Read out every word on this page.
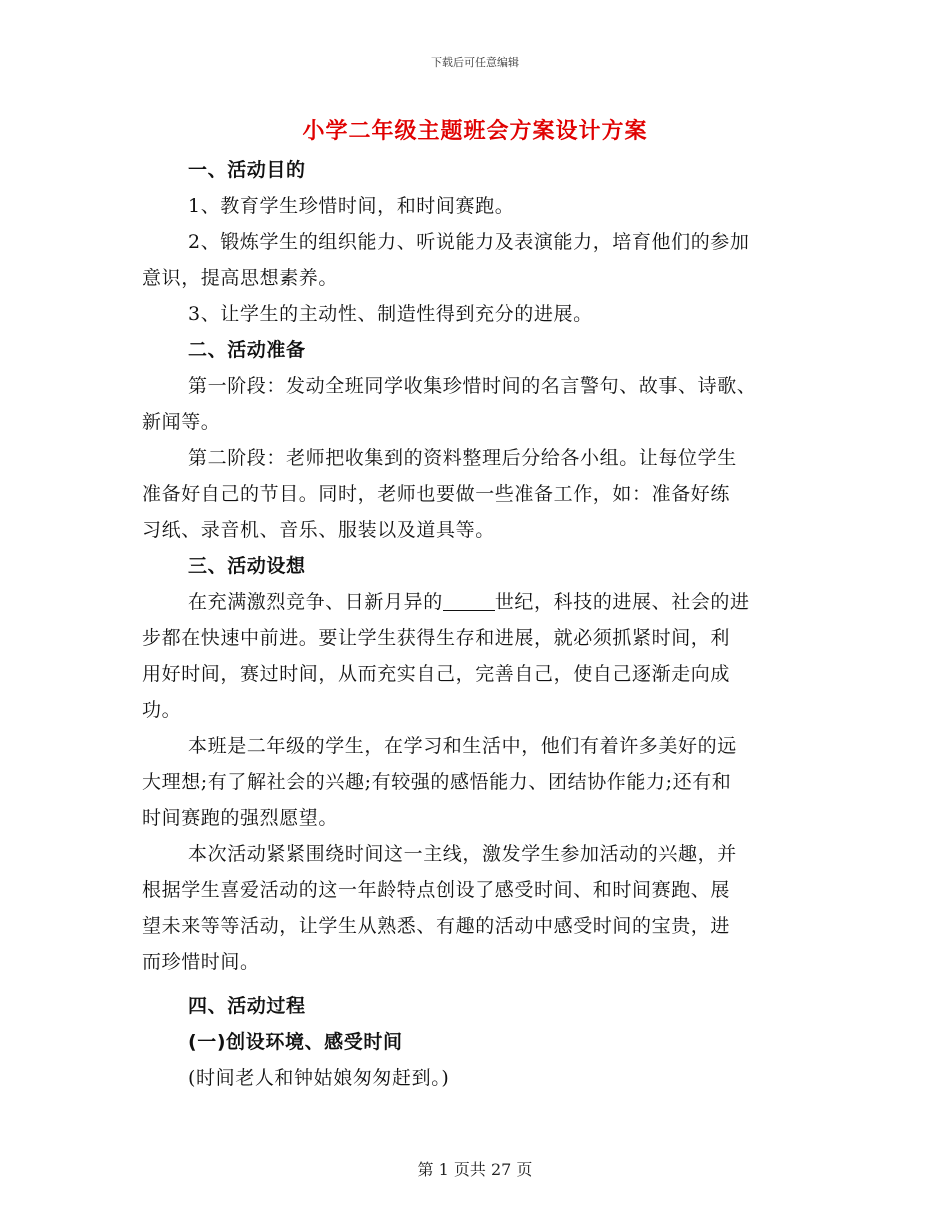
下载后可任意编辑
小学二年级主题班会方案设计方案
一、活动目的
1、教育学生珍惜时间，和时间赛跑。
2、锻炼学生的组织能力、听说能力及表演能力，培育他们的参加
意识，提高思想素养。
3、让学生的主动性、制造性得到充分的进展。
二、活动准备
第一阶段：发动全班同学收集珍惜时间的名言警句、故事、诗歌、
新闻等。
第二阶段：老师把收集到的资料整理后分给各小组。让每位学生
准备好自己的节目。同时，老师也要做一些准备工作，如：准备好练
习纸、录音机、音乐、服装以及道具等。
三、活动设想
在充满激烈竞争、日新月异的	世纪，科技的进展、社会的进
步都在快速中前进。要让学生获得生存和进展，就必须抓紧时间，利
用好时间，赛过时间，从而充实自己，完善自己，使自己逐渐走向成
功。
本班是二年级的学生，在学习和生活中，他们有着许多美好的远
大理想;有了解社会的兴趣;有较强的感悟能力、团结协作能力;还有和
时间赛跑的强烈愿望。
本次活动紧紧围绕时间这一主线，激发学生参加活动的兴趣，并
根据学生喜爱活动的这一年龄特点创设了感受时间、和时间赛跑、展
望未来等等活动，让学生从熟悉、有趣的活动中感受时间的宝贵，进
而珍惜时间。
四、活动过程
(一)创设环境、感受时间
(时间老人和钟姑娘匆匆赶到。)
第 1 页共 27 页
